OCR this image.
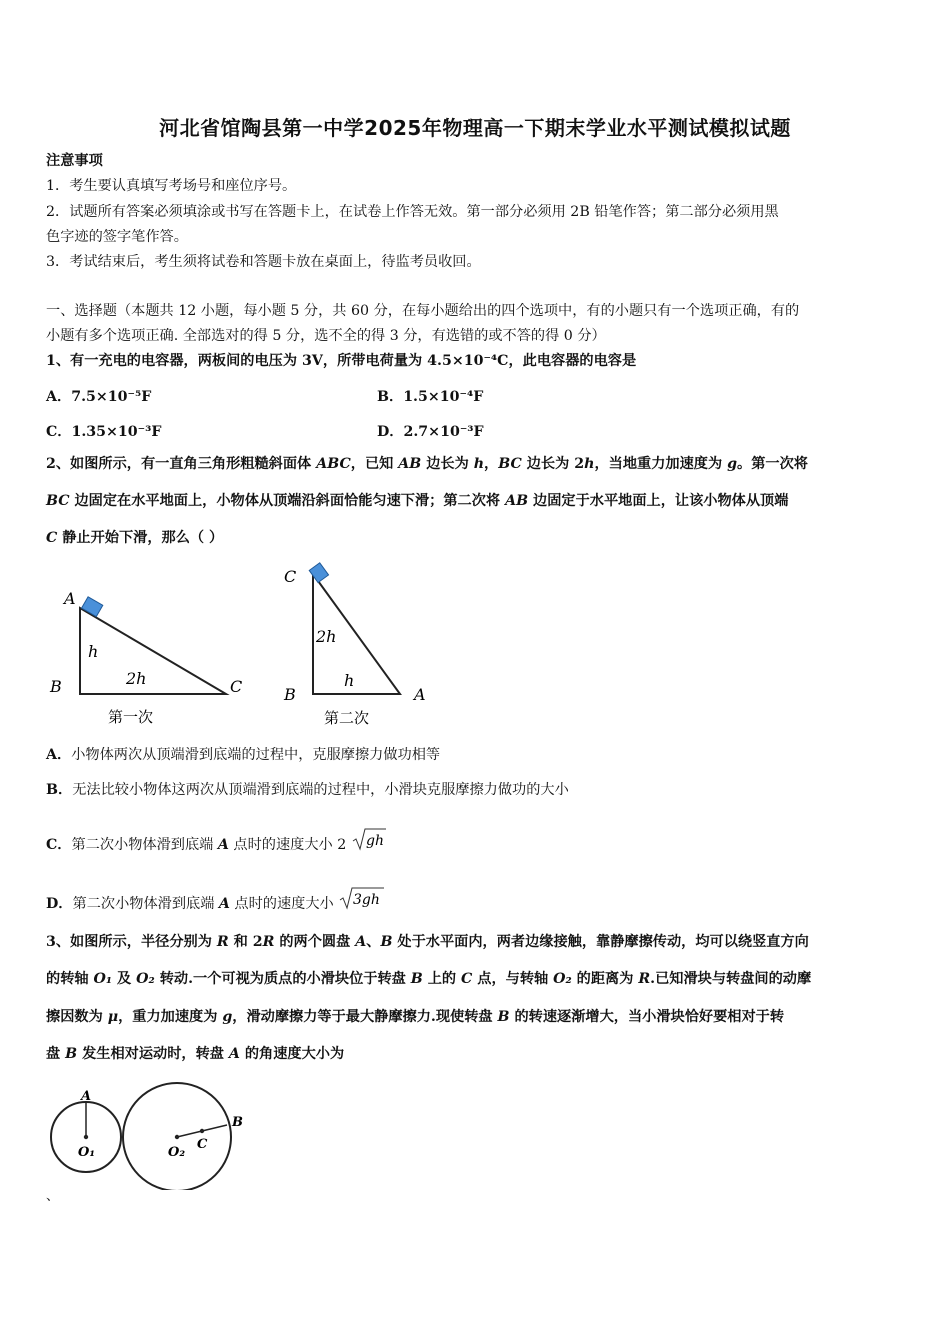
河北省馆陶县第一中学2025年物理高一下期末学业水平测试模拟试题
注意事项
1．考生要认真填写考场号和座位序号。
2．试题所有答案必须填涂或书写在答题卡上，在试卷上作答无效。第一部分必须用 2B 铅笔作答；第二部分必须用黑
色字迹的签字笔作答。
3．考试结束后，考生须将试卷和答题卡放在桌面上，待监考员收回。
一、选择题（本题共 12 小题，每小题 5 分，共 60 分，在每小题给出的四个选项中，有的小题只有一个选项正确，有的
小题有多个选项正确. 全部选对的得 5 分，选不全的得 3 分，有选错的或不答的得 0 分）
1、有一充电的电容器，两板间的电压为 3V，所带电荷量为 4.5×10⁻⁴C，此电容器的电容是
A．7.5×10⁻⁵F	B．1.5×10⁻⁴F
C．1.35×10⁻³F	D．2.7×10⁻³F
2、如图所示，有一直角三角形粗糙斜面体 ABC，已知 AB 边长为 h，BC 边长为 2h，当地重力加速度为 g。第一次将
BC 边固定在水平地面上，小物体从顶端沿斜面恰能匀速下滑；第二次将 AB 边固定于水平地面上，让该小物体从顶端
C 静止开始下滑，那么（ ）
A
B	C
h
2h
第一次
C
B	A
2h
h
第二次
A．小物体两次从顶端滑到底端的过程中，克服摩擦力做功相等
B．无法比较小物体这两次从顶端滑到底端的过程中，小滑块克服摩擦力做功的大小
C．第二次小物体滑到底端 A 点时的速度大小 2 gh
D．第二次小物体滑到底端 A 点时的速度大小 3gh
3、如图所示，半径分别为 R 和 2R 的两个圆盘 A、B 处于水平面内，两者边缘接触，靠静摩擦传动，均可以绕竖直方向
的转轴 O₁ 及 O₂ 转动.一个可视为质点的小滑块位于转盘 B 上的 C 点，与转轴 O₂ 的距离为 R.已知滑块与转盘间的动摩
擦因数为 μ，重力加速度为 g，滑动摩擦力等于最大静摩擦力.现使转盘 B 的转速逐渐增大，当小滑块恰好要相对于转
盘 B 发生相对运动时，转盘 A 的角速度大小为
A
O₁
B
C
O₂
、
